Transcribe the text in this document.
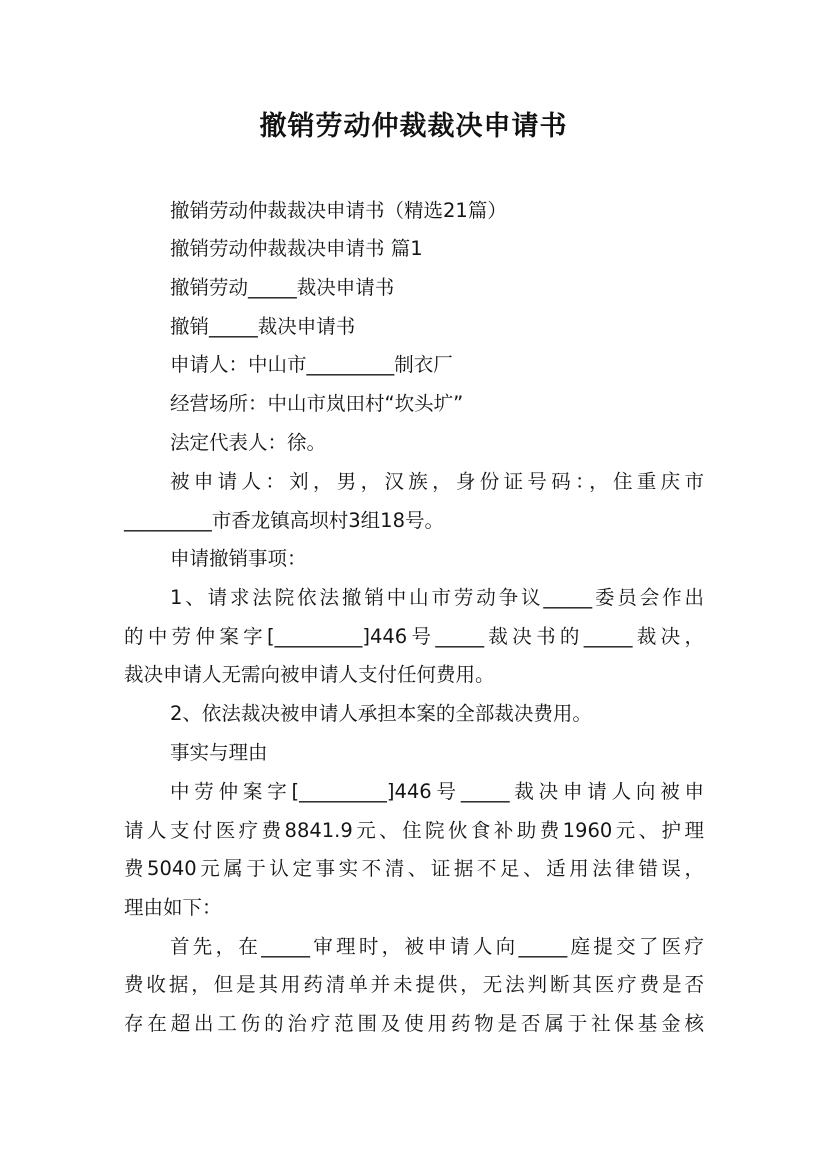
撤销劳动仲裁裁决申请书
撤销劳动仲裁裁决申请书（精选21篇）
撤销劳动仲裁裁决申请书 篇1
撤销劳动_____裁决申请书
撤销_____裁决申请书
申请人：中山市_________制衣厂
经营场所：中山市岚田村“坎头圹”
法定代表人：徐。
被申请人：刘，男，汉族，身份证号码：，住重庆市
_________市香龙镇高坝村3组18号。
申请撤销事项：
1、请求法院依法撤销中山市劳动争议_____委员会作出
的中劳仲案字[_________]446号_____裁决书的_____裁决，
裁决申请人无需向被申请人支付任何费用。
2、依法裁决被申请人承担本案的全部裁决费用。
事实与理由
中劳仲案字[_________]446号_____裁决申请人向被申
请人支付医疗费8841.9元、住院伙食补助费1960元、护理
费5040元属于认定事实不清、证据不足、适用法律错误，
理由如下：
首先，在_____审理时，被申请人向_____庭提交了医疗
费收据，但是其用药清单并未提供，无法判断其医疗费是否
存在超出工伤的治疗范围及使用药物是否属于社保基金核
